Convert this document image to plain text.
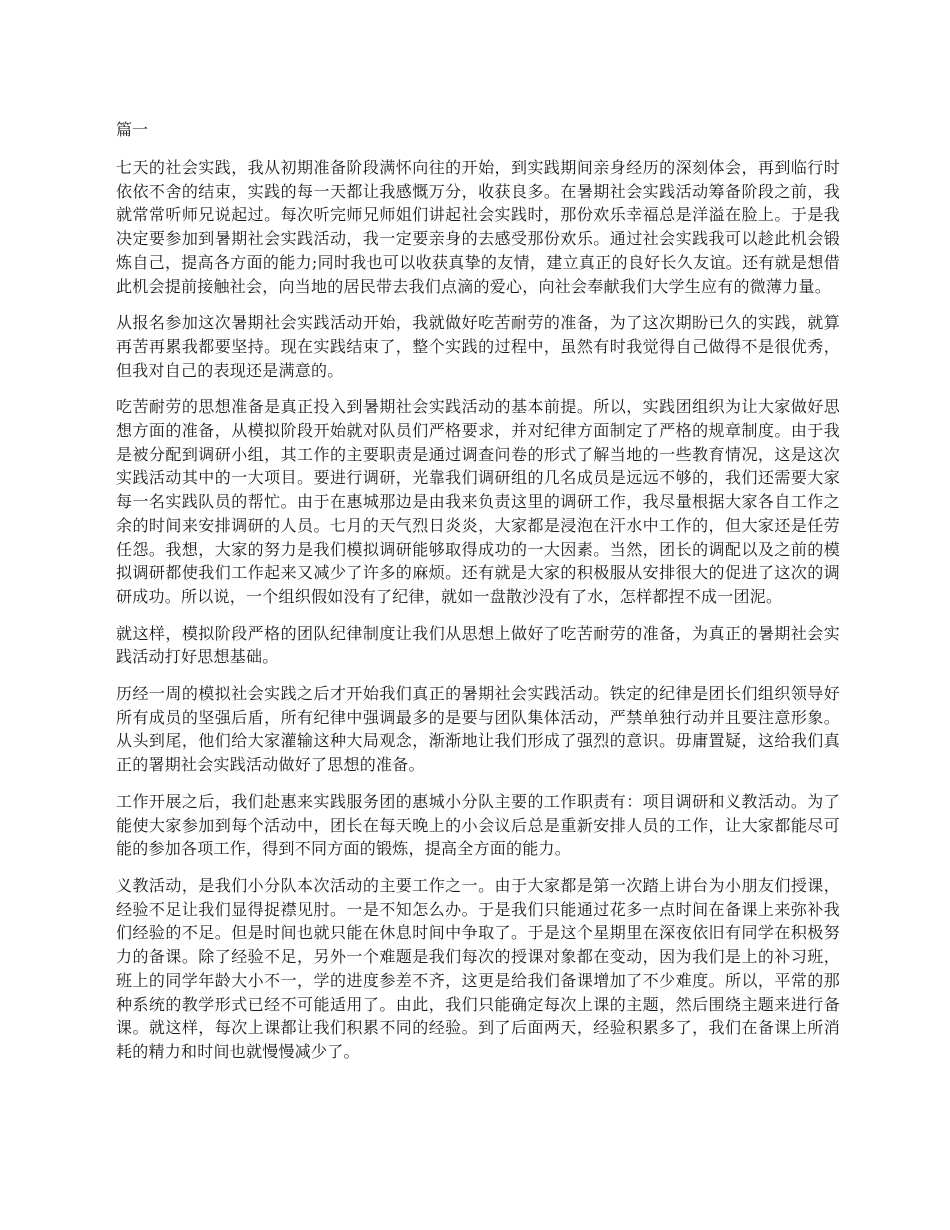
篇一

七天的社会实践，我从初期准备阶段满怀向往的开始，到实践期间亲身经历的深刻体会，再到临行时依依不舍的结束，实践的每一天都让我感慨万分，收获良多。在暑期社会实践活动筹备阶段之前，我就常常听师兄说起过。每次听完师兄师姐们讲起社会实践时，那份欢乐幸福总是洋溢在脸上。于是我决定要参加到暑期社会实践活动，我一定要亲身的去感受那份欢乐。通过社会实践我可以趁此机会锻炼自己，提高各方面的能力;同时我也可以收获真挚的友情，建立真正的良好长久友谊。还有就是想借此机会提前接触社会，向当地的居民带去我们点滴的爱心，向社会奉献我们大学生应有的微薄力量。

从报名参加这次暑期社会实践活动开始，我就做好吃苦耐劳的准备，为了这次期盼已久的实践，就算再苦再累我都要坚持。现在实践结束了，整个实践的过程中，虽然有时我觉得自己做得不是很优秀，但我对自己的表现还是满意的。

吃苦耐劳的思想准备是真正投入到暑期社会实践活动的基本前提。所以，实践团组织为让大家做好思想方面的准备，从模拟阶段开始就对队员们严格要求，并对纪律方面制定了严格的规章制度。由于我是被分配到调研小组，其工作的主要职责是通过调查问卷的形式了解当地的一些教育情况，这是这次实践活动其中的一大项目。要进行调研，光靠我们调研组的几名成员是远远不够的，我们还需要大家每一名实践队员的帮忙。由于在惠城那边是由我来负责这里的调研工作，我尽量根据大家各自工作之余的时间来安排调研的人员。七月的天气烈日炎炎，大家都是浸泡在汗水中工作的，但大家还是任劳任怨。我想，大家的努力是我们模拟调研能够取得成功的一大因素。当然，团长的调配以及之前的模拟调研都使我们工作起来又减少了许多的麻烦。还有就是大家的积极服从安排很大的促进了这次的调研成功。所以说，一个组织假如没有了纪律，就如一盘散沙没有了水，怎样都捏不成一团泥。

就这样，模拟阶段严格的团队纪律制度让我们从思想上做好了吃苦耐劳的准备，为真正的暑期社会实践活动打好思想基础。

历经一周的模拟社会实践之后才开始我们真正的暑期社会实践活动。铁定的纪律是团长们组织领导好所有成员的坚强后盾，所有纪律中强调最多的是要与团队集体活动，严禁单独行动并且要注意形象。从头到尾，他们给大家灌输这种大局观念，渐渐地让我们形成了强烈的意识。毋庸置疑，这给我们真正的署期社会实践活动做好了思想的准备。

工作开展之后，我们赴惠来实践服务团的惠城小分队主要的工作职责有：项目调研和义教活动。为了能使大家参加到每个活动中，团长在每天晚上的小会议后总是重新安排人员的工作，让大家都能尽可能的参加各项工作，得到不同方面的锻炼，提高全方面的能力。

义教活动，是我们小分队本次活动的主要工作之一。由于大家都是第一次踏上讲台为小朋友们授课，经验不足让我们显得捉襟见肘。一是不知怎么办。于是我们只能通过花多一点时间在备课上来弥补我们经验的不足。但是时间也就只能在休息时间中争取了。于是这个星期里在深夜依旧有同学在积极努力的备课。除了经验不足，另外一个难题是我们每次的授课对象都在变动，因为我们是上的补习班，班上的同学年龄大小不一，学的进度参差不齐，这更是给我们备课增加了不少难度。所以，平常的那种系统的教学形式已经不可能适用了。由此，我们只能确定每次上课的主题，然后围绕主题来进行备课。就这样，每次上课都让我们积累不同的经验。到了后面两天，经验积累多了，我们在备课上所消耗的精力和时间也就慢慢减少了。
